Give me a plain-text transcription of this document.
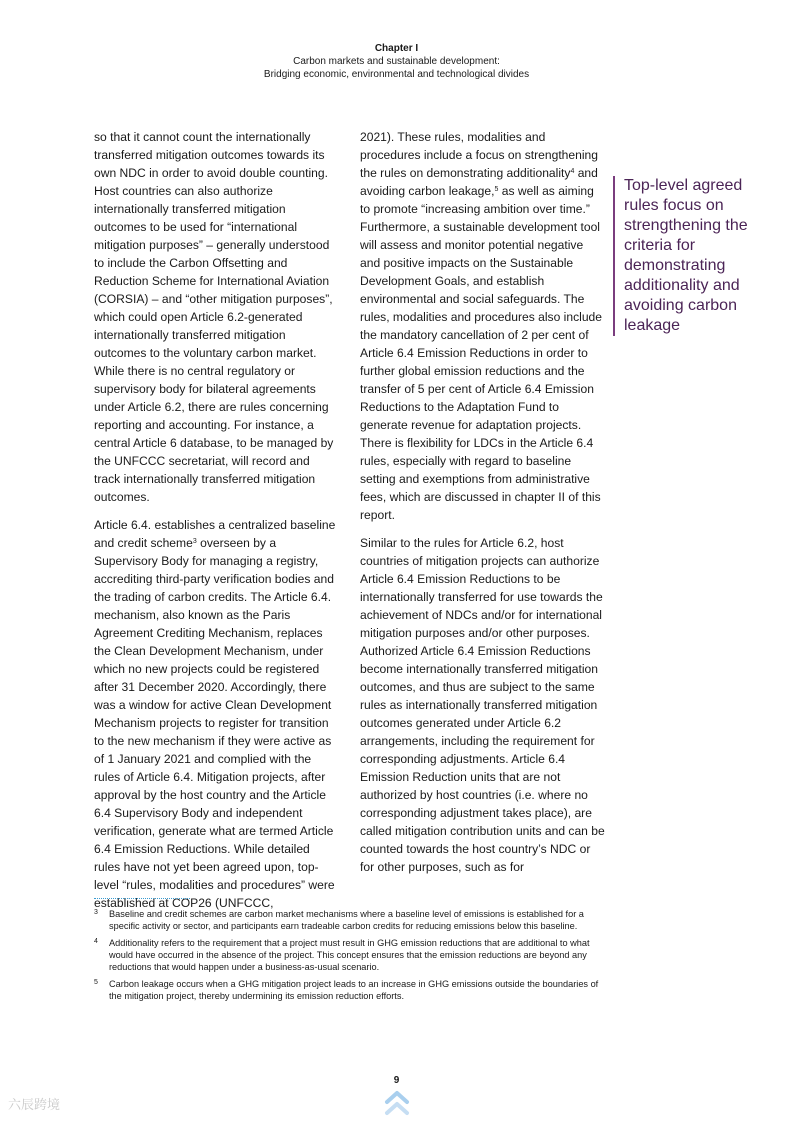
Chapter I
Carbon markets and sustainable development:
Bridging economic, environmental and technological divides

so that it cannot count the internationally transferred mitigation outcomes towards its own NDC in order to avoid double counting. Host countries can also authorize internationally transferred mitigation outcomes to be used for “international mitigation purposes” – generally understood to include the Carbon Offsetting and Reduction Scheme for International Aviation (CORSIA) – and “other mitigation purposes”, which could open Article 6.2-generated internationally transferred mitigation outcomes to the voluntary carbon market. While there is no central regulatory or supervisory body for bilateral agreements under Article 6.2, there are rules concerning reporting and accounting. For instance, a central Article 6 database, to be managed by the UNFCCC secretariat, will record and track internationally transferred mitigation outcomes.

Article 6.4. establishes a centralized baseline and credit scheme$^3$ overseen by a Supervisory Body for managing a registry, accrediting third-party verification bodies and the trading of carbon credits. The Article 6.4. mechanism, also known as the Paris Agreement Crediting Mechanism, replaces the Clean Development Mechanism, under which no new projects could be registered after 31 December 2020. Accordingly, there was a window for active Clean Development Mechanism projects to register for transition to the new mechanism if they were active as of 1 January 2021 and complied with the rules of Article 6.4. Mitigation projects, after approval by the host country and the Article 6.4 Supervisory Body and independent verification, generate what are termed Article 6.4 Emission Reductions. While detailed rules have not yet been agreed upon, top-level “rules, modalities and procedures” were established at COP26 (UNFCCC,

2021). These rules, modalities and procedures include a focus on strengthening the rules on demonstrating additionality$^4$ and avoiding carbon leakage,$^5$ as well as aiming to promote “increasing ambition over time.” Furthermore, a sustainable development tool will assess and monitor potential negative and positive impacts on the Sustainable Development Goals, and establish environmental and social safeguards. The rules, modalities and procedures also include the mandatory cancellation of 2 per cent of Article 6.4 Emission Reductions in order to further global emission reductions and the transfer of 5 per cent of Article 6.4 Emission Reductions to the Adaptation Fund to generate revenue for adaptation projects. There is flexibility for LDCs in the Article 6.4 rules, especially with regard to baseline setting and exemptions from administrative fees, which are discussed in chapter II of this report.

Similar to the rules for Article 6.2, host countries of mitigation projects can authorize Article 6.4 Emission Reductions to be internationally transferred for use towards the achievement of NDCs and/or for international mitigation purposes and/or other purposes. Authorized Article 6.4 Emission Reductions become internationally transferred mitigation outcomes, and thus are subject to the same rules as internationally transferred mitigation outcomes generated under Article 6.2 arrangements, including the requirement for corresponding adjustments. Article 6.4 Emission Reduction units that are not authorized by host countries (i.e. where no corresponding adjustment takes place), are called mitigation contribution units and can be counted towards the host country’s NDC or for other purposes, such as for

Top-level agreed rules focus on strengthening the criteria for demonstrating additionality and avoiding carbon leakage
3	Baseline and credit schemes are carbon market mechanisms where a baseline level of emissions is established for a specific activity or sector, and participants earn tradeable carbon credits for reducing emissions below this baseline.
4	Additionality refers to the requirement that a project must result in GHG emission reductions that are additional to what would have occurred in the absence of the project. This concept ensures that the emission reductions are beyond any reductions that would happen under a business-as-usual scenario.
5	Carbon leakage occurs when a GHG mitigation project leads to an increase in GHG emissions outside the boundaries of the mitigation project, thereby undermining its emission reduction efforts.
9
六辰跨境
